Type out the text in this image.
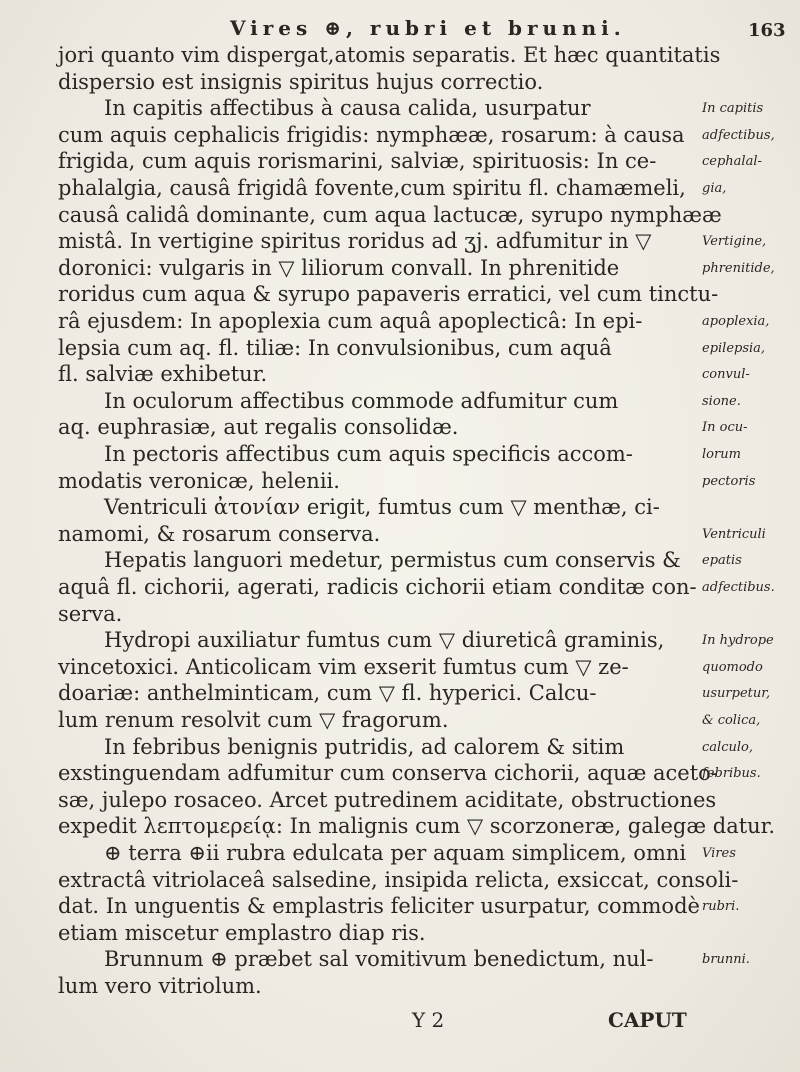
Vires ⊕, rubri et brunni.	163
jori quanto vim dispergat,atomis separatis. Et hæc quantitatis
dispersio est insignis spiritus hujus correctio.
In capitis affectibus à causa calida, usurpatur
cum aquis cephalicis frigidis: nymphææ, rosarum: à causa
frigida, cum aquis rorismarini, salviæ, spirituosis: In ce-
phalalgia, causâ frigidâ fovente,cum spiritu fl. chamæmeli,
causâ calidâ dominante, cum aqua lactucæ, syrupo nymphææ
mistâ. In vertigine spiritus roridus ad ʒj. adfumitur in ▽
doronici: vulgaris in ▽ liliorum convall. In phrenitide
roridus cum aqua & syrupo papaveris erratici, vel cum tinctu-
râ ejusdem: In apoplexia cum aquâ apoplecticâ: In epi-
lepsia cum aq. fl. tiliæ: In convulsionibus, cum aquâ
fl. salviæ exhibetur.
In oculorum affectibus commode adfumitur cum
aq. euphrasiæ, aut regalis consolidæ.
In pectoris affectibus cum aquis specificis accom-
modatis veronicæ, helenii.
Ventriculi ἀτονίαν erigit, fumtus cum ▽ menthæ, ci-
namomi, & rosarum conserva.
Hepatis languori medetur, permistus cum conservis &
aquâ fl. cichorii, agerati, radicis cichorii etiam conditæ con-
serva.
Hydropi auxiliatur fumtus cum ▽ diureticâ graminis,
vincetoxici. Anticolicam vim exserit fumtus cum ▽ ze-
doariæ: anthelminticam, cum ▽ fl. hyperici. Calcu-
lum renum resolvit cum ▽ fragorum.
In febribus benignis putridis, ad calorem & sitim
exstinguendam adfumitur cum conserva cichorii, aquæ aceto-
sæ, julepo rosaceo. Arcet putredinem aciditate, obstructiones
expedit λεπτομερείᾳ: In malignis cum ▽ scorzoneræ, galegæ datur.
⊕ terra ⊕ii rubra edulcata per aquam simplicem, omni
extractâ vitriolaceâ salsedine, insipida relicta, exsiccat, consoli-
dat. In unguentis & emplastris feliciter usurpatur, commodè
etiam miscetur emplastro diap ris.
Brunnum ⊕ præbet sal vomitivum benedictum, nul-
lum vero vitriolum.
In capitis
adfectibus,
cephalal-
gia,
Vertigine,
phrenitide,
apoplexia,
epilepsia,
convul-
sione.
In ocu-
lorum
pectoris
Ventriculi
epatis
adfectibus.
In hydrope
quomodo
usurpetur,
& colica,
calculo,
febribus.
Vires
rubri.
brunni.
Y 2	CAPUT
